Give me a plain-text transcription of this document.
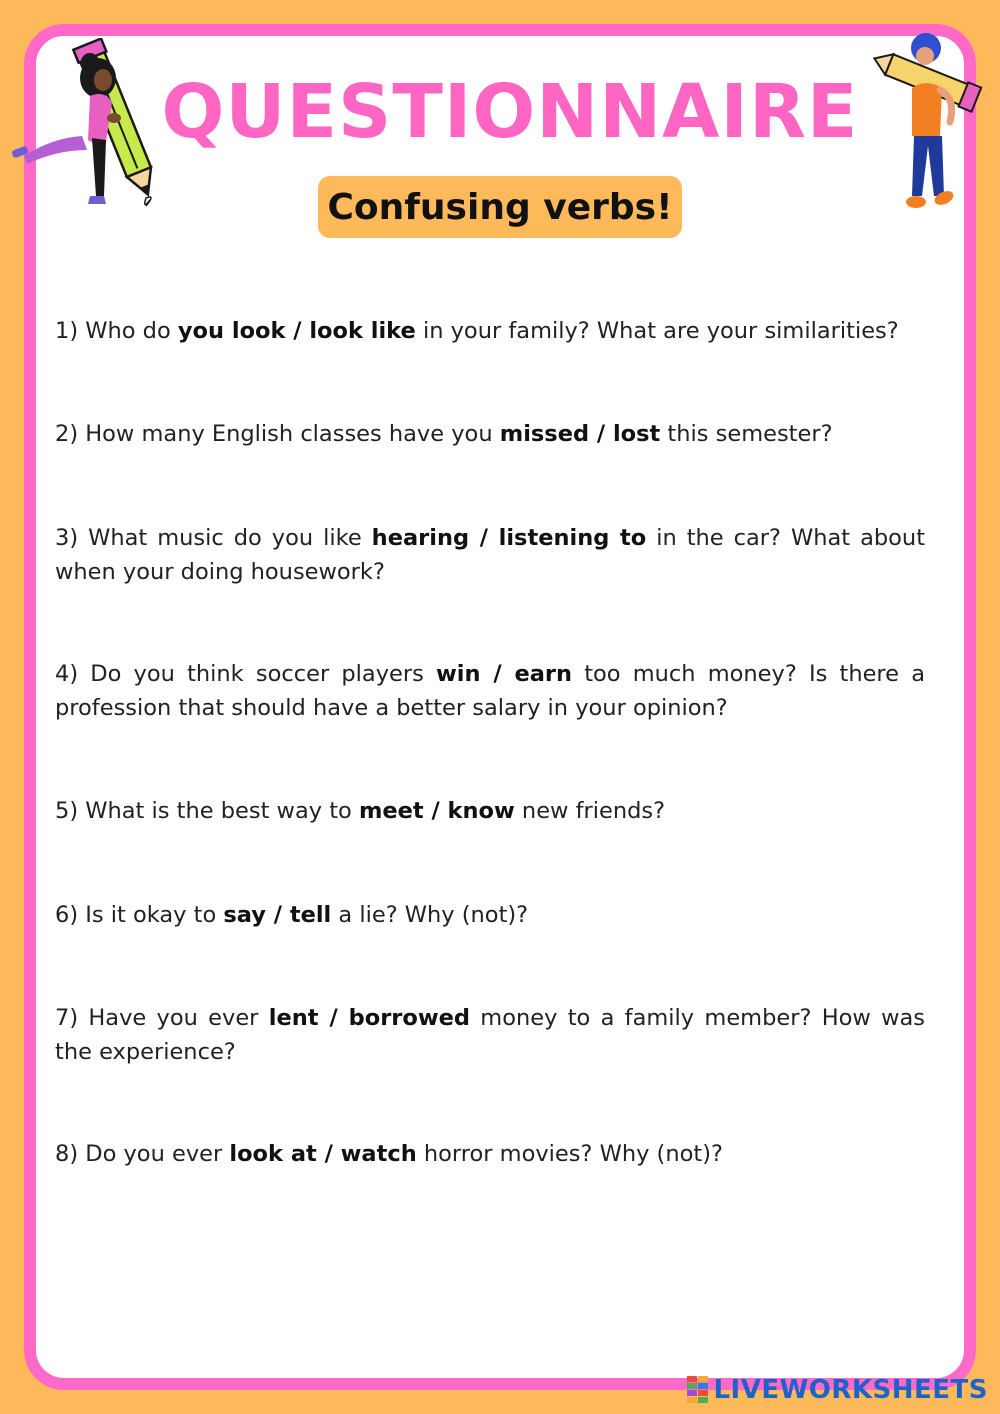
QUESTIONNAIRE
Confusing verbs!
1) Who do you look / look like in your family? What are your similarities?
2) How many English classes have you missed / lost this semester?
3) What music do you like hearing / listening to in the car? What about when your doing housework?
4) Do you think soccer players win / earn too much money? Is there a profession that should have a better salary in your opinion?
5) What is the best way to meet / know new friends?
6) Is it okay to say / tell a lie? Why (not)?
7) Have you ever lent / borrowed money to a family member? How was the experience?
8) Do you ever look at / watch horror movies? Why (not)?
LIVEWORKSHEETS
